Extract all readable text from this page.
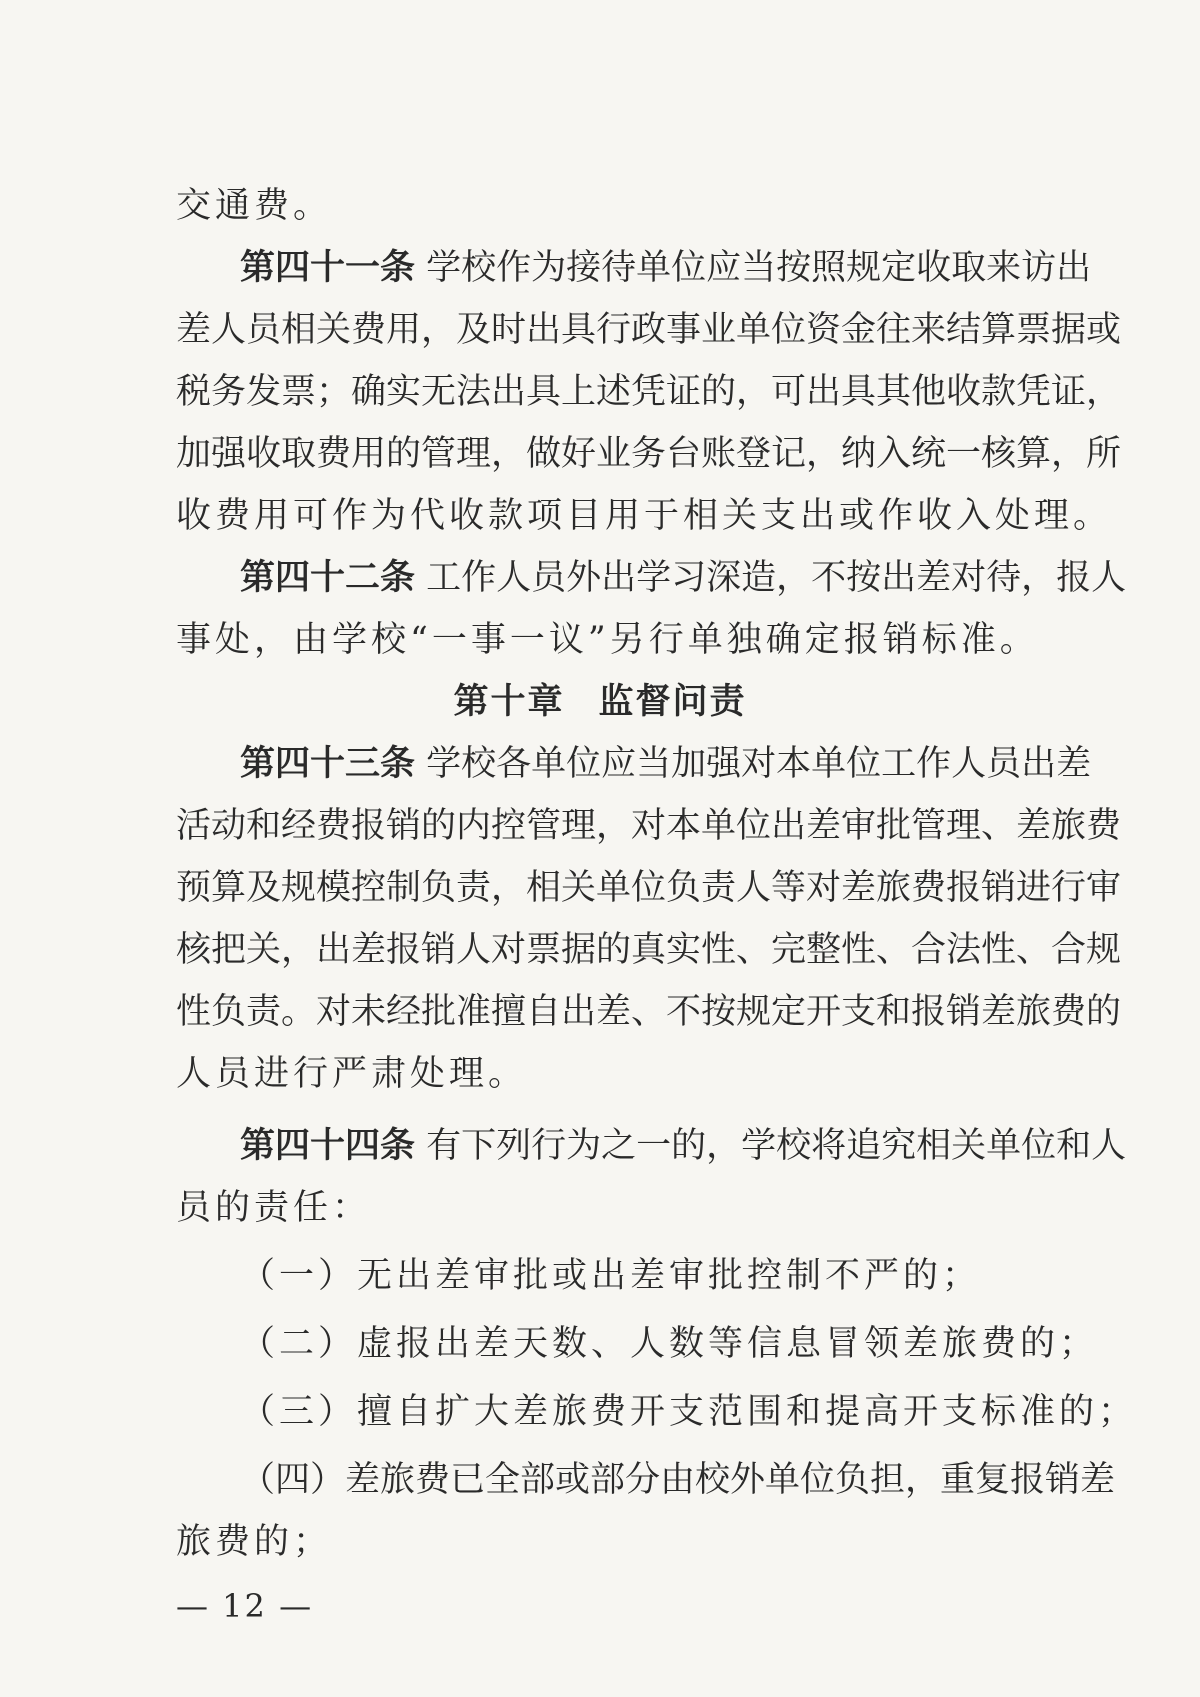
交通费。
第四十一条 学校作为接待单位应当按照规定收取来访出
差人员相关费用，及时出具行政事业单位资金往来结算票据或
税务发票；确实无法出具上述凭证的，可出具其他收款凭证，
加强收取费用的管理，做好业务台账登记，纳入统一核算，所
收费用可作为代收款项目用于相关支出或作收入处理。
第四十二条 工作人员外出学习深造，不按出差对待，报人
事处，由学校“一事一议”另行单独确定报销标准。
第十章 监督问责
第四十三条 学校各单位应当加强对本单位工作人员出差
活动和经费报销的内控管理，对本单位出差审批管理、差旅费
预算及规模控制负责，相关单位负责人等对差旅费报销进行审
核把关，出差报销人对票据的真实性、完整性、合法性、合规
性负责。对未经批准擅自出差、不按规定开支和报销差旅费的
人员进行严肃处理。
第四十四条 有下列行为之一的，学校将追究相关单位和人
员的责任：
（一）无出差审批或出差审批控制不严的；
（二）虚报出差天数、人数等信息冒领差旅费的；
（三）擅自扩大差旅费开支范围和提高开支标准的；
（四）差旅费已全部或部分由校外单位负担，重复报销差
旅费的；
— 12 —
